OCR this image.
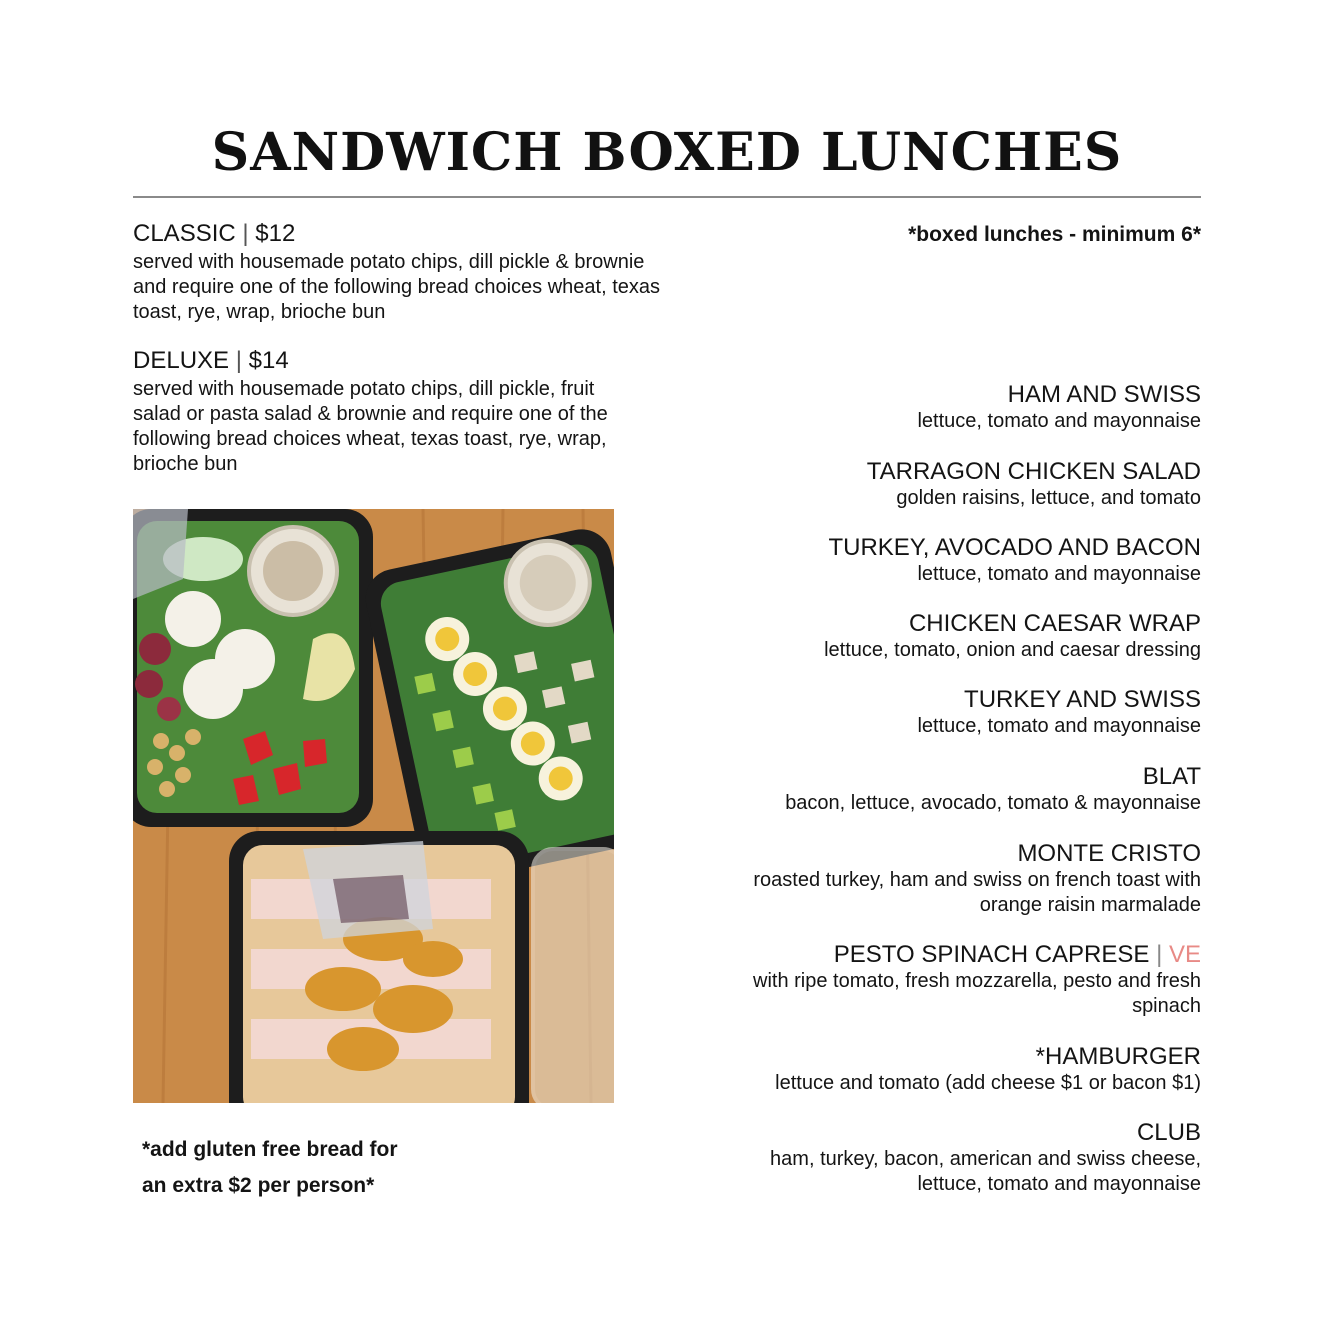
SANDWICH BOXED LUNCHES
CLASSIC | $12
served with housemade potato chips, dill pickle & brownie and require one of the following bread choices wheat, texas toast, rye, wrap, brioche bun
DELUXE | $14
served with housemade potato chips, dill pickle, fruit salad or pasta salad & brownie and require one of the following bread choices wheat, texas toast, rye, wrap, brioche bun
*boxed lunches - minimum 6*
*add gluten free bread for
an extra $2 per person*
HAM AND SWISS
lettuce, tomato and mayonnaise
TARRAGON CHICKEN SALAD
golden raisins, lettuce, and tomato
TURKEY, AVOCADO AND BACON
lettuce, tomato and mayonnaise
CHICKEN CAESAR WRAP
lettuce, tomato, onion and caesar dressing
TURKEY AND SWISS
lettuce, tomato and mayonnaise
BLAT
bacon, lettuce, avocado, tomato & mayonnaise
MONTE CRISTO
roasted turkey, ham and swiss on french toast with
orange raisin marmalade
PESTO SPINACH CAPRESE | VE
with ripe tomato, fresh mozzarella, pesto and fresh
spinach
*HAMBURGER
lettuce and tomato (add cheese $1 or bacon $1)
CLUB
ham, turkey, bacon, american and swiss cheese,
lettuce, tomato and mayonnaise
